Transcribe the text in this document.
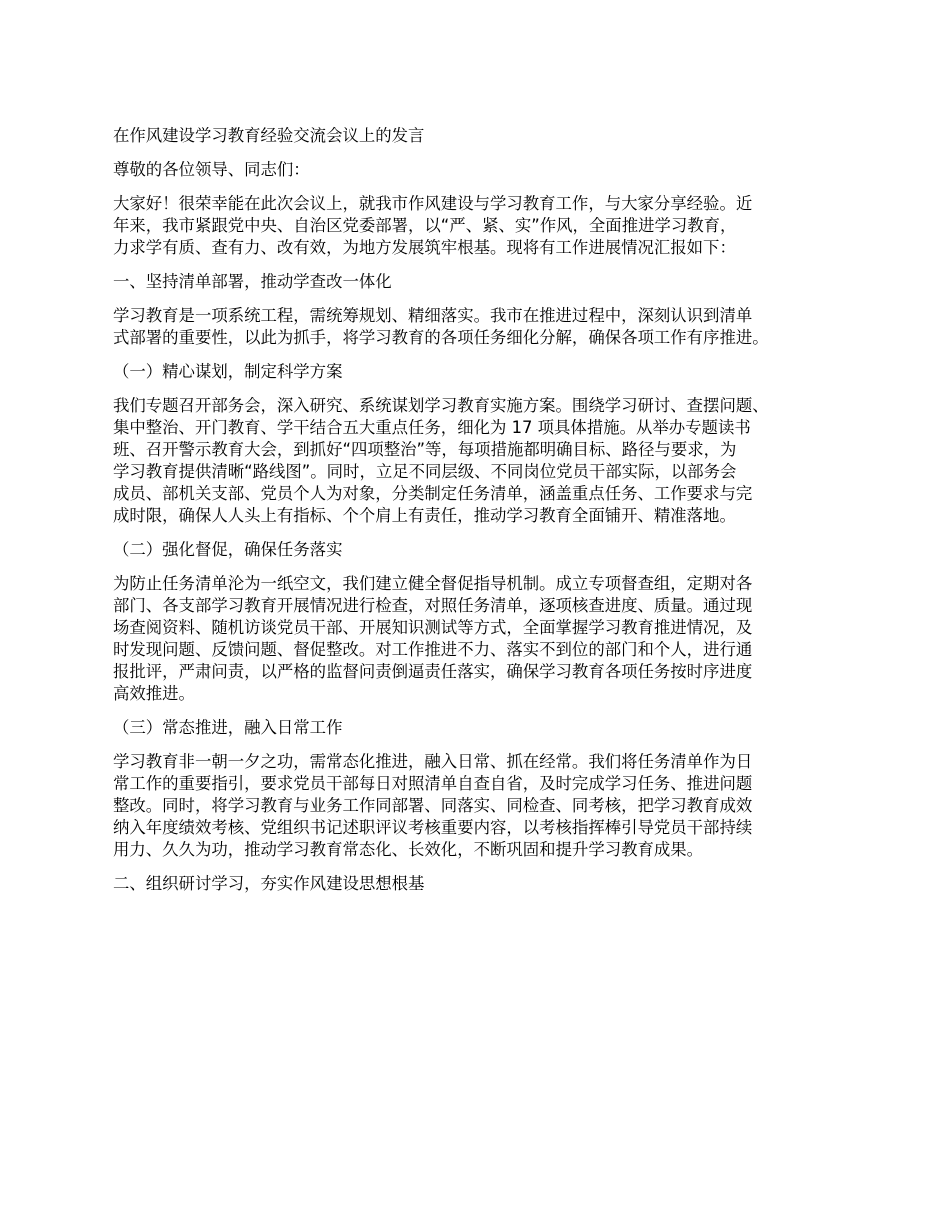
在作风建设学习教育经验交流会议上的发言

尊敬的各位领导、同志们：

大家好！很荣幸能在此次会议上，就我市作风建设与学习教育工作，与大家分享经验。近
年来，我市紧跟党中央、自治区党委部署，以“严、紧、实”作风，全面推进学习教育，
力求学有质、查有力、改有效，为地方发展筑牢根基。现将有工作进展情况汇报如下：

一、坚持清单部署，推动学查改一体化

学习教育是一项系统工程，需统筹规划、精细落实。我市在推进过程中，深刻认识到清单
式部署的重要性，以此为抓手，将学习教育的各项任务细化分解，确保各项工作有序推进。

（一）精心谋划，制定科学方案

我们专题召开部务会，深入研究、系统谋划学习教育实施方案。围绕学习研讨、查摆问题、
集中整治、开门教育、学干结合五大重点任务，细化为 17 项具体措施。从举办专题读书
班、召开警示教育大会，到抓好“四项整治”等，每项措施都明确目标、路径与要求，为
学习教育提供清晰“路线图”。同时，立足不同层级、不同岗位党员干部实际，以部务会
成员、部机关支部、党员个人为对象，分类制定任务清单，涵盖重点任务、工作要求与完
成时限，确保人人头上有指标、个个肩上有责任，推动学习教育全面铺开、精准落地。

（二）强化督促，确保任务落实

为防止任务清单沦为一纸空文，我们建立健全督促指导机制。成立专项督查组，定期对各
部门、各支部学习教育开展情况进行检查，对照任务清单，逐项核查进度、质量。通过现
场查阅资料、随机访谈党员干部、开展知识测试等方式，全面掌握学习教育推进情况，及
时发现问题、反馈问题、督促整改。对工作推进不力、落实不到位的部门和个人，进行通
报批评，严肃问责，以严格的监督问责倒逼责任落实，确保学习教育各项任务按时序进度
高效推进。

（三）常态推进，融入日常工作

学习教育非一朝一夕之功，需常态化推进，融入日常、抓在经常。我们将任务清单作为日
常工作的重要指引，要求党员干部每日对照清单自查自省，及时完成学习任务、推进问题
整改。同时，将学习教育与业务工作同部署、同落实、同检查、同考核，把学习教育成效
纳入年度绩效考核、党组织书记述职评议考核重要内容，以考核指挥棒引导党员干部持续
用力、久久为功，推动学习教育常态化、长效化，不断巩固和提升学习教育成果。

二、组织研讨学习，夯实作风建设思想根基
